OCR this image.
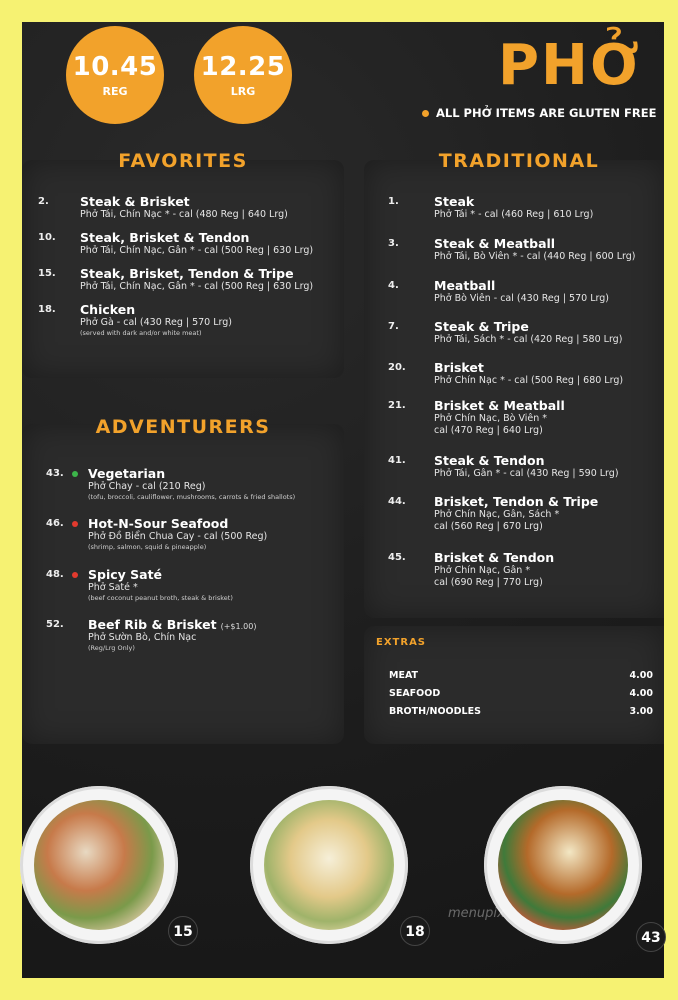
10.45
REG
12.25
LRG	PHỞ
ALL PHỞ ITEMS ARE GLUTEN FREE
FAVORITES
2. Steak & Brisket
Phở Tái, Chín Nạc * - cal (480 Reg | 640 Lrg)
10. Steak, Brisket & Tendon
Phở Tái, Chín Nạc, Gân * - cal (500 Reg | 630 Lrg)
15. Steak, Brisket, Tendon & Tripe
Phở Tái, Chín Nạc, Gân * - cal (500 Reg | 630 Lrg)
18. Chicken
Phở Gà - cal (430 Reg | 570 Lrg)
(served with dark and/or white meat)
ADVENTURERS
43. Vegetarian
Phở Chay - cal (210 Reg)
(tofu, broccoli, cauliflower, mushrooms, carrots & fried shallots)
46. Hot-N-Sour Seafood
Phở Đồ Biển Chua Cay - cal (500 Reg)
(shrimp, salmon, squid & pineapple)
48. Spicy Saté
Phở Saté *
(beef coconut peanut broth, steak & brisket)
52. Beef Rib & Brisket (+$1.00)
Phở Sườn Bò, Chín Nạc
(Reg/Lrg Only)
TRADITIONAL
1.	Steak
Phở Tái * - cal (460 Reg | 610 Lrg)
3.	Steak & Meatball
Phở Tái, Bò Viên * - cal (440 Reg | 600 Lrg)
4.	Meatball
Phở Bò Viên - cal (430 Reg | 570 Lrg)
7.	Steak & Tripe
Phở Tái, Sách * - cal (420 Reg | 580 Lrg)
20. Brisket
Phở Chín Nạc * - cal (500 Reg | 680 Lrg)
21. Brisket & Meatball
Phở Chín Nạc, Bò Viên *
cal (470 Reg | 640 Lrg)
41. Steak & Tendon
Phở Tái, Gân * - cal (430 Reg | 590 Lrg)
44. Brisket, Tendon & Tripe
Phở Chín Nạc, Gân, Sách *
cal (560 Reg | 670 Lrg)
45. Brisket & Tendon
Phở Chín Nạc, Gân *
cal (690 Reg | 770 Lrg)
EXTRAS
MEAT	4.00
SEAFOOD	4.00
BROTH/NOODLES	3.00
15	18	43
menupix
